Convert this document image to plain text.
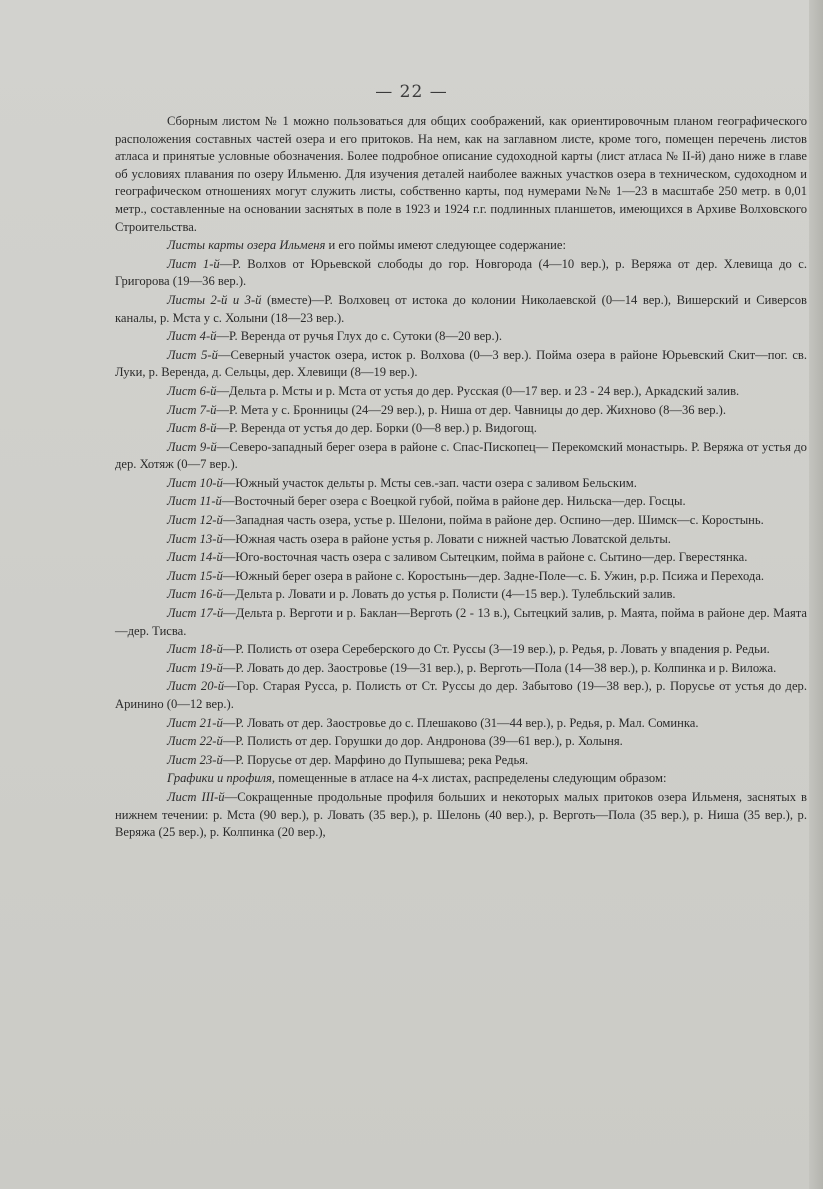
— 22 —

Сборным листом № 1 можно пользоваться для общих соображений, как ориентировочным планом географического расположения составных частей озера и его притоков. На нем, как на заглавном листе, кроме того, помещен перечень листов атласа и принятые условные обозначения. Более подробное описание судоходной карты (лист атласа № II-й) дано ниже в главе об условиях плавания по озеру Ильменю. Для изучения деталей наиболее важных участков озера в техническом, судоходном и географическом отношениях могут служить листы, собственно карты, под нумерами №№ 1—23 в масштабе 250 метр. в 0,01 метр., составленные на основании заснятых в поле в 1923 и 1924 г.г. подлинных планшетов, имеющихся в Архиве Волховского Строительства.

Листы карты озера Ильменя и его поймы имеют следующее содержание:

Лист 1-й—Р. Волхов от Юрьевской слободы до гор. Новгорода (4—10 вер.), р. Веряжа от дер. Хлевища до с. Григорова (19—36 вер.).

Листы 2-й и 3-й (вместе)—Р. Волховец от истока до колонии Николаевской (0—14 вер.), Вишерский и Сиверсов каналы, р. Мста у с. Холыни (18—23 вер.).

Лист 4-й—Р. Веренда от ручья Глух до с. Сутоки (8—20 вер.).

Лист 5-й—Северный участок озера, исток р. Волхова (0—3 вер.). Пойма озера в районе Юрьевский Скит—пог. св. Луки, р. Веренда, д. Сельцы, дер. Хлевищи (8—19 вер.).

Лист 6-й—Дельта р. Мсты и р. Мста от устья до дер. Русская (0—17 вер. и 23 - 24 вер.), Аркадский залив.

Лист 7-й—Р. Мета у с. Бронницы (24—29 вер.), р. Ниша от дер. Чавницы до дер. Жихново (8—36 вер.).

Лист 8-й—Р. Веренда от устья до дер. Борки (0—8 вер.) р. Видогощ.

Лист 9-й—Северо-западный берег озера в районе с. Спас-Пископец— Перекомский монастырь. Р. Веряжа от устья до дер. Хотяж (0—7 вер.).

Лист 10-й—Южный участок дельты р. Мсты сев.-зап. части озера с заливом Бельским.

Лист 11-й—Восточный берег озера с Воецкой губой, пойма в районе дер. Нильска—дер. Госцы.

Лист 12-й—Западная часть озера, устье р. Шелони, пойма в районе дер. Оспино—дер. Шимск—с. Коростынь.

Лист 13-й—Южная часть озера в районе устья р. Ловати с нижней частью Ловатской дельты.

Лист 14-й—Юго-восточная часть озера с заливом Сытецким, пойма в районе с. Сытино—дер. Гверестянка.

Лист 15-й—Южный берег озера в районе с. Коростынь—дер. Задне-Поле—с. Б. Ужин, р.р. Псижа и Перехода.

Лист 16-й—Дельта р. Ловати и р. Ловать до устья р. Полисти (4—15 вер.). Тулебльский залив.

Лист 17-й—Дельта р. Верготи и р. Баклан—Верготь (2 - 13 в.), Сытецкий залив, р. Маята, пойма в районе дер. Маята—дер. Тисва.

Лист 18-й—Р. Полисть от озера Сереберского до Ст. Руссы (3—19 вер.), р. Редья, р. Ловать у впадения р. Редьи.

Лист 19-й—Р. Ловать до дер. Заостровье (19—31 вер.), р. Верготь—Пола (14—38 вер.), р. Колпинка и р. Виложа.

Лист 20-й—Гор. Старая Русса, р. Полисть от Ст. Руссы до дер. Забытово (19—38 вер.), р. Порусье от устья до дер. Аринино (0—12 вер.).

Лист 21-й—Р. Ловать от дер. Заостровье до с. Плешаково (31—44 вер.), р. Редья, р. Мал. Соминка.

Лист 22-й—Р. Полисть от дер. Горушки до дор. Андронова (39—61 вер.), р. Холыня.

Лист 23-й—Р. Порусье от дер. Марфино до Пупышева; река Редья.

Графики и профиля, помещенные в атласе на 4-х листах, распределены следующим образом:

Лист III-й—Сокращенные продольные профиля больших и некоторых малых притоков озера Ильменя, заснятых в нижнем течении: р. Мста (90 вер.), р. Ловать (35 вер.), р. Шелонь (40 вер.), р. Верготь—Пола (35 вер.), р. Ниша (35 вер.), р. Веряжа (25 вер.), р. Колпинка (20 вер.),
